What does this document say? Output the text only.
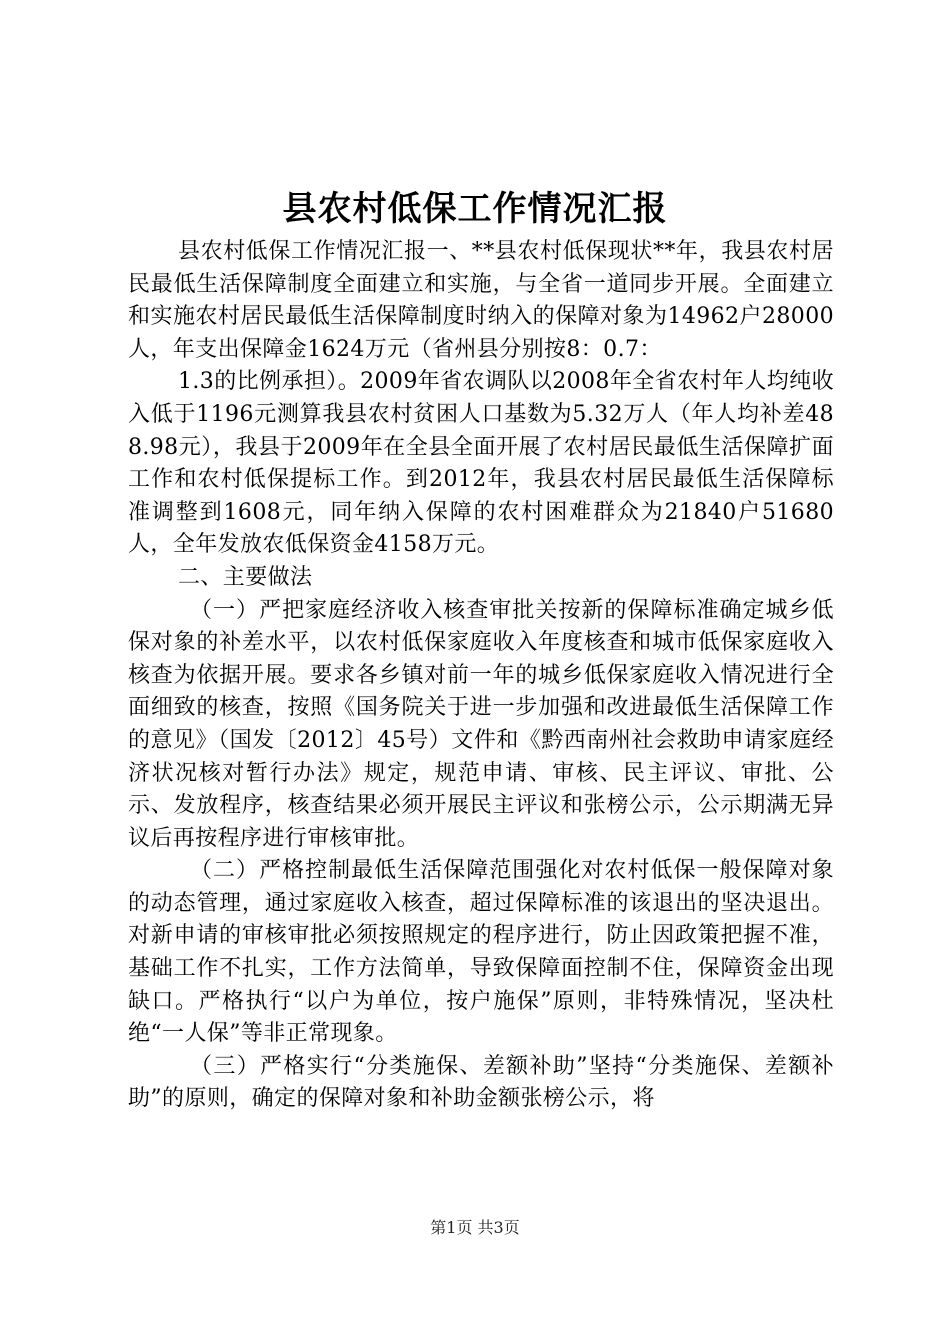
县农村低保工作情况汇报

县农村低保工作情况汇报一、**县农村低保现状**年，我县农村居民最低生活保障制度全面建立和实施，与全省一道同步开展。全面建立和实施农村居民最低生活保障制度时纳入的保障对象为14962户28000人，年支出保障金1624万元（省州县分别按8：0.7：

1.3的比例承担）。2009年省农调队以2008年全省农村年人均纯收入低于1196元测算我县农村贫困人口基数为5.32万人（年人均补差488.98元），我县于2009年在全县全面开展了农村居民最低生活保障扩面工作和农村低保提标工作。到2012年，我县农村居民最低生活保障标准调整到1608元，同年纳入保障的农村困难群众为21840户51680人，全年发放农低保资金4158万元。

二、主要做法

（一）严把家庭经济收入核查审批关按新的保障标准确定城乡低保对象的补差水平，以农村低保家庭收入年度核查和城市低保家庭收入核查为依据开展。要求各乡镇对前一年的城乡低保家庭收入情况进行全面细致的核查，按照《国务院关于进一步加强和改进最低生活保障工作的意见》（国发〔2012〕45号）文件和《黔西南州社会救助申请家庭经济状况核对暂行办法》规定，规范申请、审核、民主评议、审批、公示、发放程序，核查结果必须开展民主评议和张榜公示，公示期满无异议后再按程序进行审核审批。

（二）严格控制最低生活保障范围强化对农村低保一般保障对象的动态管理，通过家庭收入核查，超过保障标准的该退出的坚决退出。对新申请的审核审批必须按照规定的程序进行，防止因政策把握不准，基础工作不扎实，工作方法简单，导致保障面控制不住，保障资金出现缺口。严格执行“以户为单位，按户施保”原则，非特殊情况，坚决杜绝“一人保”等非正常现象。

（三）严格实行“分类施保、差额补助”坚持“分类施保、差额补助”的原则，确定的保障对象和补助金额张榜公示，将

第1页 共3页
